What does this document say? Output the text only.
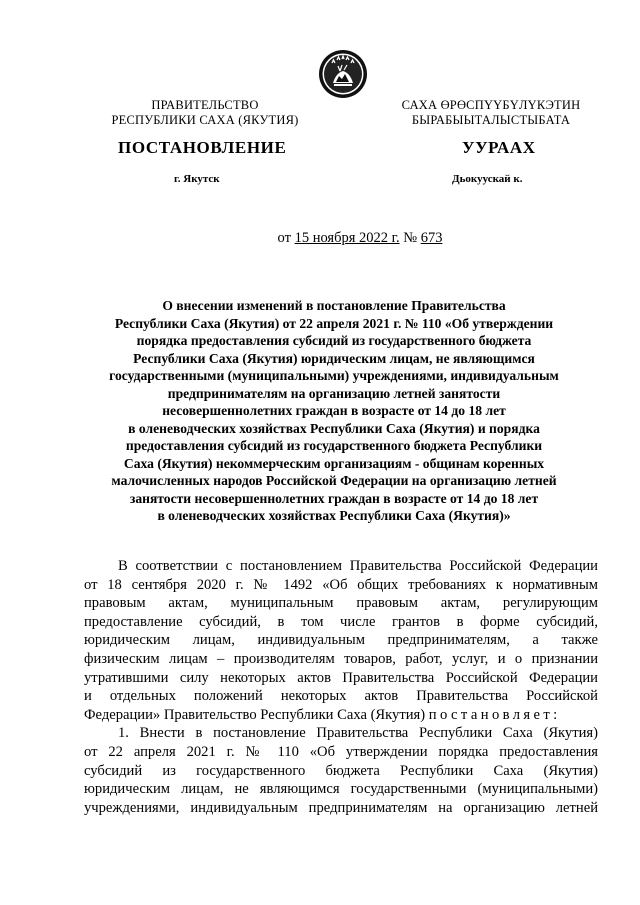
ПРАВИТЕЛЬСТВО
РЕСПУБЛИКИ САХА (ЯКУТИЯ)
САХА ӨРӨСПҮҮБҮЛҮКЭТИН
БЫРАБЫЫТАЛЫСТЫБАТА
ПОСТАНОВЛЕНИЕ	УУРААХ
г. Якутск	Дьокуускай к.
от 15 ноября 2022 г. № 673
О внесении изменений в постановление Правительства
Республики Саха (Якутия) от 22 апреля 2021 г. № 110 «Об утверждении
порядка предоставления субсидий из государственного бюджета
Республики Саха (Якутия) юридическим лицам, не являющимся
государственными (муниципальными) учреждениями, индивидуальным
предпринимателям на организацию летней занятости
несовершеннолетних граждан в возрасте от 14 до 18 лет
в оленеводческих хозяйствах Республики Саха (Якутия) и порядка
предоставления субсидий из государственного бюджета Республики
Саха (Якутия) некоммерческим организациям - общинам коренных
малочисленных народов Российской Федерации на организацию летней
занятости несовершеннолетних граждан в возрасте от 14 до 18 лет
в оленеводческих хозяйствах Республики Саха (Якутия)»
В соответствии с постановлением Правительства Российской Федерации
от 18 сентября 2020 г. № 1492 «Об общих требованиях к нормативным
правовым актам, муниципальным правовым актам, регулирующим
предоставление субсидий, в том числе грантов в форме субсидий,
юридическим лицам, индивидуальным предпринимателям, а также
физическим лицам – производителям товаров, работ, услуг, и о признании
утратившими силу некоторых актов Правительства Российской Федерации
и отдельных положений некоторых актов Правительства Российской
Федерации» Правительство Республики Саха (Якутия) постановляет:
1. Внести в постановление Правительства Республики Саха (Якутия)
от 22 апреля 2021 г. № 110 «Об утверждении порядка предоставления
субсидий из государственного бюджета Республики Саха (Якутия)
юридическим лицам, не являющимся государственными (муниципальными)
учреждениями, индивидуальным предпринимателям на организацию летней
